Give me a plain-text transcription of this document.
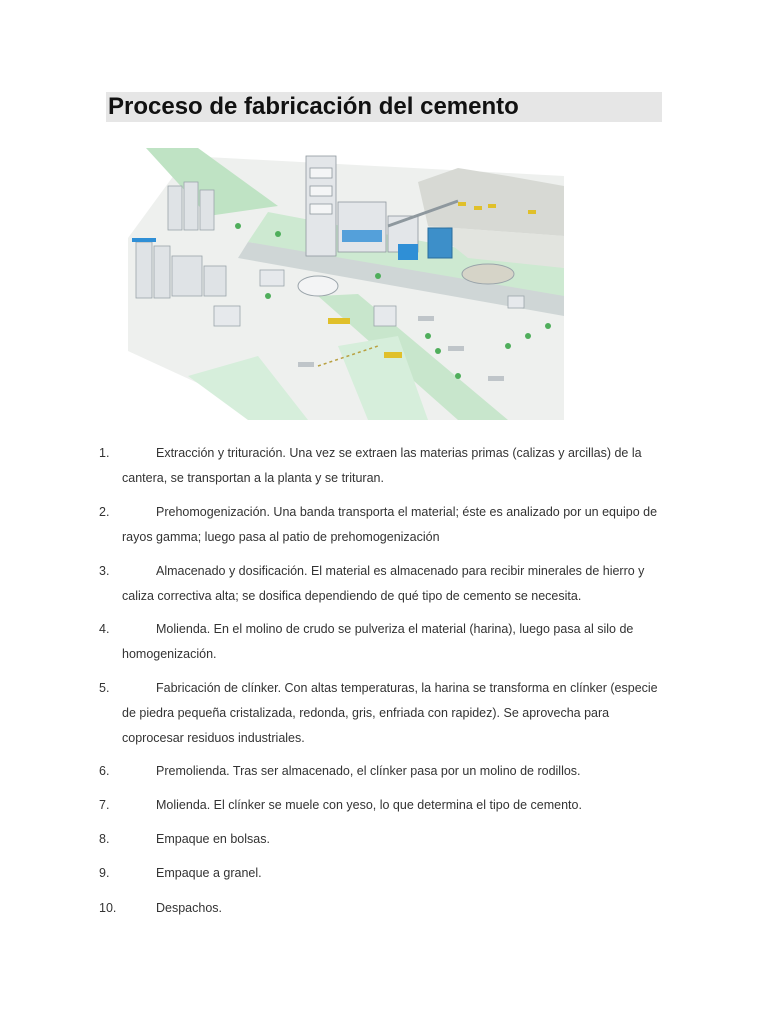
Proceso de fabricación del cemento
1.	Extracción y trituración. Una vez se extraen las materias primas (calizas y arcillas) de la cantera, se transportan a la planta y se trituran.
2.	Prehomogenización. Una banda transporta el material; éste es analizado por un equipo de rayos gamma; luego pasa al patio de prehomogenización
3.	Almacenado y dosificación. El material es almacenado para recibir minerales de hierro y caliza correctiva alta; se dosifica dependiendo de qué tipo de cemento se necesita.
4.	Molienda. En el molino de crudo se pulveriza el material (harina), luego pasa al silo de homogenización.
5.	Fabricación de clínker. Con altas temperaturas, la harina se transforma en clínker (especie de piedra pequeña cristalizada, redonda, gris, enfriada con rapidez). Se aprovecha para coprocesar residuos industriales.
6.	Premolienda. Tras ser almacenado, el clínker pasa por un molino de rodillos.
7.	Molienda. El clínker se muele con yeso, lo que determina el tipo de cemento.
8.	Empaque en bolsas.
9.	Empaque a granel.
10.	Despachos.
